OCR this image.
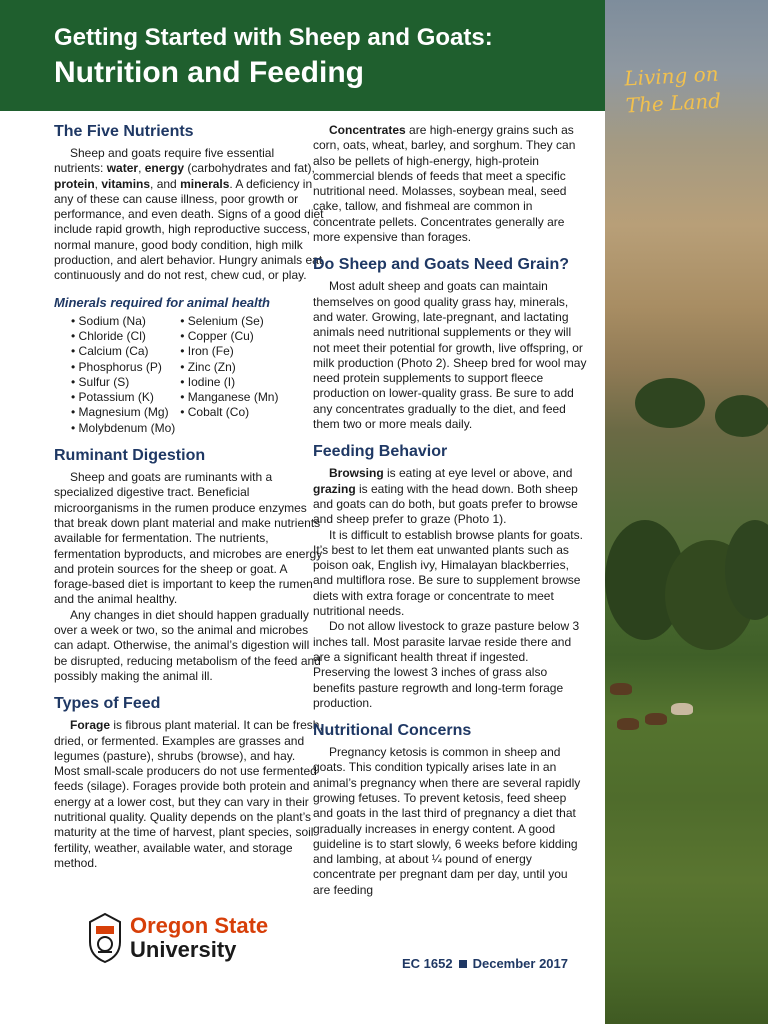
Getting Started with Sheep and Goats:
Nutrition and Feeding	Living on
The Land
The Five Nutrients

Sheep and goats require five essential nutrients: water, energy (carbohydrates and fat), protein, vitamins, and minerals. A deficiency in any of these can cause illness, poor growth or performance, and even death. Signs of a good diet include rapid growth, high reproductive success, normal manure, good body condition, high milk production, and alert behavior. Hungry animals eat continuously and do not rest, chew cud, or play.

Minerals required for animal health
• Sodium (Na)
• Chloride (Cl)
• Calcium (Ca)
• Phosphorus (P)
• Sulfur (S)
• Potassium (K)
• Magnesium (Mg)
• Molybdenum (Mo)
• Selenium (Se)
• Copper (Cu)
• Iron (Fe)
• Zinc (Zn)
• Iodine (I)
• Manganese (Mn)
• Cobalt (Co)
Ruminant Digestion

Sheep and goats are ruminants with a specialized digestive tract. Beneficial microorganisms in the rumen produce enzymes that break down plant material and make nutrients available for fermentation. The nutrients, fermentation byproducts, and microbes are energy and protein sources for the sheep or goat. A forage-based diet is important to keep the rumen and the animal healthy.

Any changes in diet should happen gradually over a week or two, so the animal and microbes can adapt. Otherwise, the animal’s digestion will be disrupted, reducing metabolism of the feed and possibly making the animal ill.

Types of Feed

Forage is fibrous plant material. It can be fresh, dried, or fermented. Examples are grasses and legumes (pasture), shrubs (browse), and hay. Most small-scale producers do not use fermented feeds (silage). Forages provide both protein and energy at a lower cost, but they can vary in their nutritional quality. Quality depends on the plant’s maturity at the time of harvest, plant species, soil fertility, weather, available water, and storage method.

Concentrates are high-energy grains such as corn, oats, wheat, barley, and sorghum. They can also be pellets of high-energy, high-protein commercial blends of feeds that meet a specific nutritional need. Molasses, soybean meal, seed cake, tallow, and fishmeal are common in concentrate pellets. Concentrates generally are more expensive than forages.

Do Sheep and Goats Need Grain?

Most adult sheep and goats can maintain themselves on good quality grass hay, minerals, and water. Growing, late-pregnant, and lactating animals need nutritional supplements or they will not meet their potential for growth, live offspring, or milk production (Photo 2). Sheep bred for wool may need protein supplements to support fleece production on lower-quality grass. Be sure to add any concentrates gradually to the diet, and feed them two or more meals daily.

Feeding Behavior

Browsing is eating at eye level or above, and grazing is eating with the head down. Both sheep and goats can do both, but goats prefer to browse and sheep prefer to graze (Photo 1).

It is difficult to establish browse plants for goats. It’s best to let them eat unwanted plants such as poison oak, English ivy, Himalayan blackberries, and multiflora rose. Be sure to supplement browse diets with extra forage or concentrate to meet nutritional needs.

Do not allow livestock to graze pasture below 3 inches tall. Most parasite larvae reside there and are a significant health threat if ingested. Preserving the lowest 3 inches of grass also benefits pasture regrowth and long-term forage production.

Nutritional Concerns

Pregnancy ketosis is common in sheep and goats. This condition typically arises late in an animal’s pregnancy when there are several rapidly growing fetuses. To prevent ketosis, feed sheep and goats in the last third of pregnancy a diet that gradually increases in energy content. A good guideline is to start slowly, 6 weeks before kidding and lambing, at about ¼ pound of energy concentrate per pregnant dam per day, until you are feeding

Oregon State
University
EC 1652 December 2017
